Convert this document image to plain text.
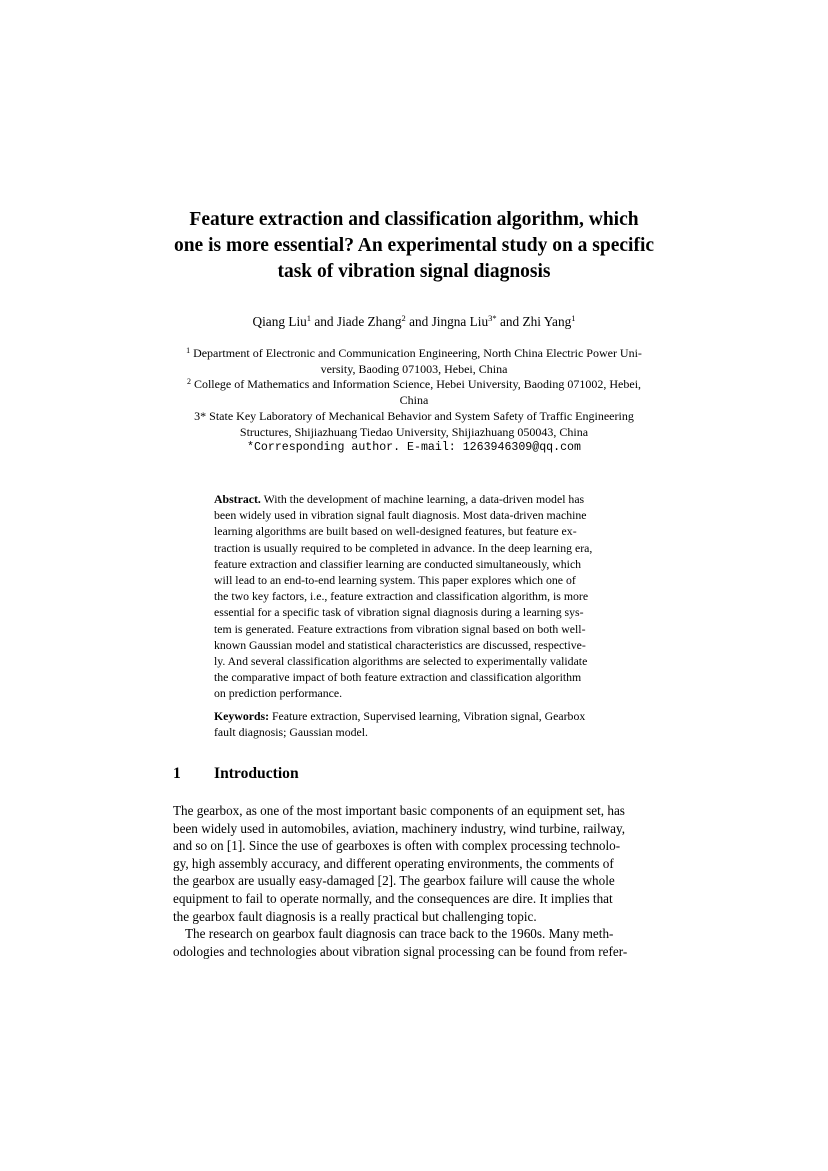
Feature extraction and classification algorithm, which
one is more essential? An experimental study on a specific
task of vibration signal diagnosis
Qiang Liu$^1$ and Jiade Zhang$^2$ and Jingna Liu$^{3*}$ and Zhi Yang$^1$
$^1$ Department of Electronic and Communication Engineering, North China Electric Power Uni-
versity, Baoding 071003, Hebei, China
$^2$ College of Mathematics and Information Science, Hebei University, Baoding 071002, Hebei,
China
3* State Key Laboratory of Mechanical Behavior and System Safety of Traffic Engineering
Structures, Shijiazhuang Tiedao University, Shijiazhuang 050043, China
*Corresponding author. E-mail: 1263946309@qq.com
Abstract. With the development of machine learning, a data-driven model has
been widely used in vibration signal fault diagnosis. Most data-driven machine
learning algorithms are built based on well-designed features, but feature ex-
traction is usually required to be completed in advance. In the deep learning era,
feature extraction and classifier learning are conducted simultaneously, which
will lead to an end-to-end learning system. This paper explores which one of
the two key factors, i.e., feature extraction and classification algorithm, is more
essential for a specific task of vibration signal diagnosis during a learning sys-
tem is generated. Feature extractions from vibration signal based on both well-
known Gaussian model and statistical characteristics are discussed, respective-
ly. And several classification algorithms are selected to experimentally validate
the comparative impact of both feature extraction and classification algorithm
on prediction performance.
Keywords: Feature extraction, Supervised learning, Vibration signal, Gearbox
fault diagnosis; Gaussian model.
1 Introduction
The gearbox, as one of the most important basic components of an equipment set, has
been widely used in automobiles, aviation, machinery industry, wind turbine, railway,
and so on [1]. Since the use of gearboxes is often with complex processing technolo-
gy, high assembly accuracy, and different operating environments, the comments of
the gearbox are usually easy-damaged [2]. The gearbox failure will cause the whole
equipment to fail to operate normally, and the consequences are dire. It implies that
the gearbox fault diagnosis is a really practical but challenging topic.
The research on gearbox fault diagnosis can trace back to the 1960s. Many meth-
odologies and technologies about vibration signal processing can be found from refer-
